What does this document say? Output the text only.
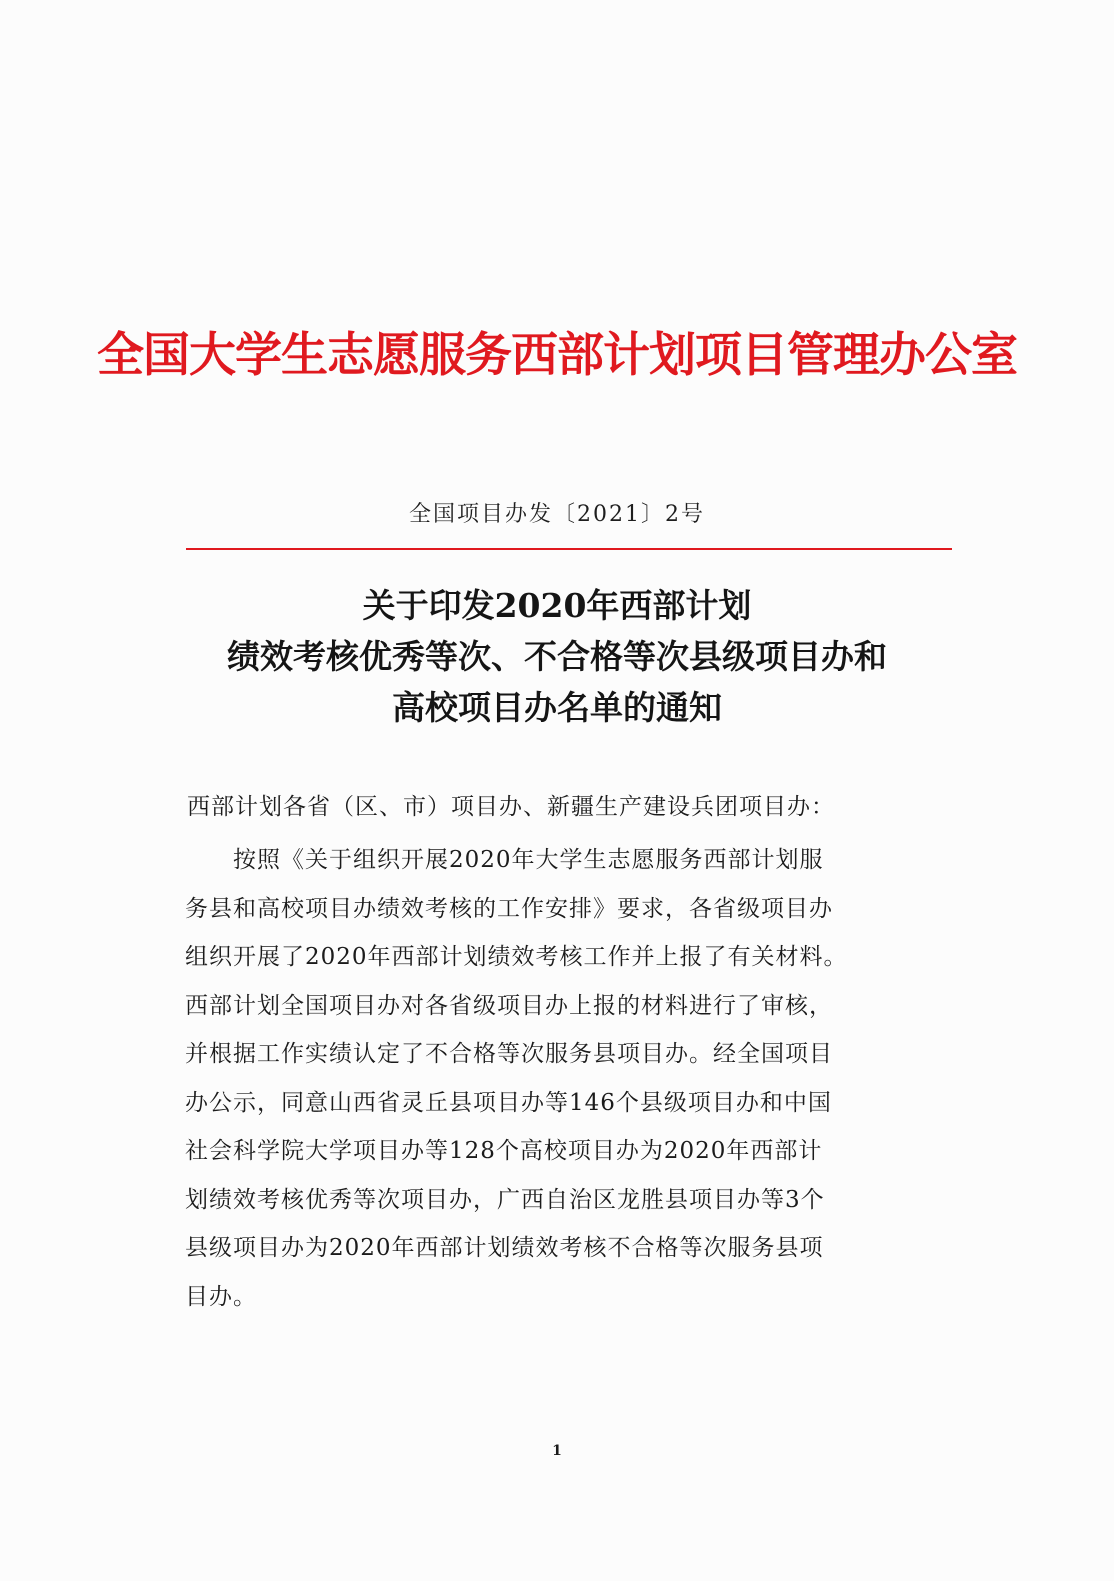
全国大学生志愿服务西部计划项目管理办公室
全国项目办发〔2021〕2号
关于印发2020年西部计划
绩效考核优秀等次、不合格等次县级项目办和
高校项目办名单的通知
西部计划各省（区、市）项目办、新疆生产建设兵团项目办：
　　按照《关于组织开展2020年大学生志愿服务西部计划服
务县和高校项目办绩效考核的工作安排》要求，各省级项目办
组织开展了2020年西部计划绩效考核工作并上报了有关材料。
西部计划全国项目办对各省级项目办上报的材料进行了审核，
并根据工作实绩认定了不合格等次服务县项目办。经全国项目
办公示，同意山西省灵丘县项目办等146个县级项目办和中国
社会科学院大学项目办等128个高校项目办为2020年西部计
划绩效考核优秀等次项目办，广西自治区龙胜县项目办等3个
县级项目办为2020年西部计划绩效考核不合格等次服务县项
目办。
1
